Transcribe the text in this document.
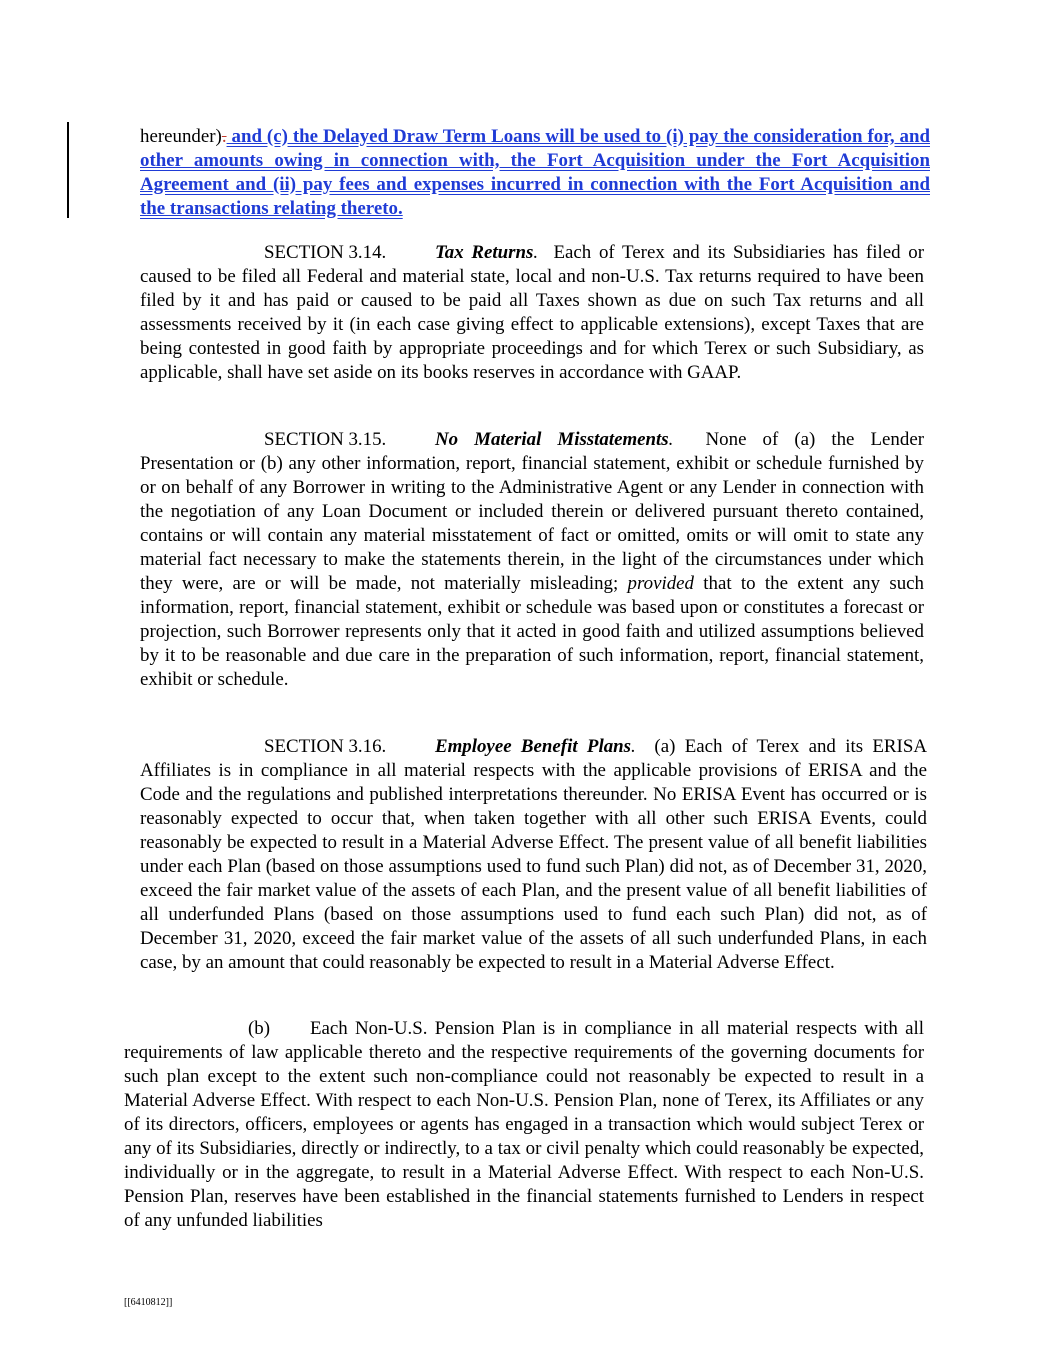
hereunder). and (c) the Delayed Draw Term Loans will be used to (i) pay the consideration for, and other amounts owing in connection with, the Fort Acquisition under the Fort Acquisition Agreement and (ii) pay fees and expenses incurred in connection with the Fort Acquisition and the transactions relating thereto.

SECTION 3.14.	Tax Returns. Each of Terex and its Subsidiaries has filed or caused to be filed all Federal and material state, local and non-U.S. Tax returns required to have been filed by it and has paid or caused to be paid all Taxes shown as due on such Tax returns and all assessments received by it (in each case giving effect to applicable extensions), except Taxes that are being contested in good faith by appropriate proceedings and for which Terex or such Subsidiary, as applicable, shall have set aside on its books reserves in accordance with GAAP.

SECTION 3.15.	No Material Misstatements. None of (a) the Lender Presentation or (b) any other information, report, financial statement, exhibit or schedule furnished by or on behalf of any Borrower in writing to the Administrative Agent or any Lender in connection with the negotiation of any Loan Document or included therein or delivered pursuant thereto contained, contains or will contain any material misstatement of fact or omitted, omits or will omit to state any material fact necessary to make the statements therein, in the light of the circumstances under which they were, are or will be made, not materially misleading; provided that to the extent any such information, report, financial statement, exhibit or schedule was based upon or constitutes a forecast or projection, such Borrower represents only that it acted in good faith and utilized assumptions believed by it to be reasonable and due care in the preparation of such information, report, financial statement, exhibit or schedule.

SECTION 3.16.	Employee Benefit Plans. (a) Each of Terex and its ERISA Affiliates is in compliance in all material respects with the applicable provisions of ERISA and the Code and the regulations and published interpretations thereunder. No ERISA Event has occurred or is reasonably expected to occur that, when taken together with all other such ERISA Events, could reasonably be expected to result in a Material Adverse Effect. The present value of all benefit liabilities under each Plan (based on those assumptions used to fund such Plan) did not, as of December 31, 2020, exceed the fair market value of the assets of each Plan, and the present value of all benefit liabilities of all underfunded Plans (based on those assumptions used to fund each such Plan) did not, as of December 31, 2020, exceed the fair market value of the assets of all such underfunded Plans, in each case, by an amount that could reasonably be expected to result in a Material Adverse Effect.

(b) Each Non-U.S. Pension Plan is in compliance in all material respects with all requirements of law applicable thereto and the respective requirements of the governing documents for such plan except to the extent such non-compliance could not reasonably be expected to result in a Material Adverse Effect. With respect to each Non-U.S. Pension Plan, none of Terex, its Affiliates or any of its directors, officers, employees or agents has engaged in a transaction which would subject Terex or any of its Subsidiaries, directly or indirectly, to a tax or civil penalty which could reasonably be expected, individually or in the aggregate, to result in a Material Adverse Effect. With respect to each Non-U.S. Pension Plan, reserves have been established in the financial statements furnished to Lenders in respect of any unfunded liabilities

[[6410812]]
